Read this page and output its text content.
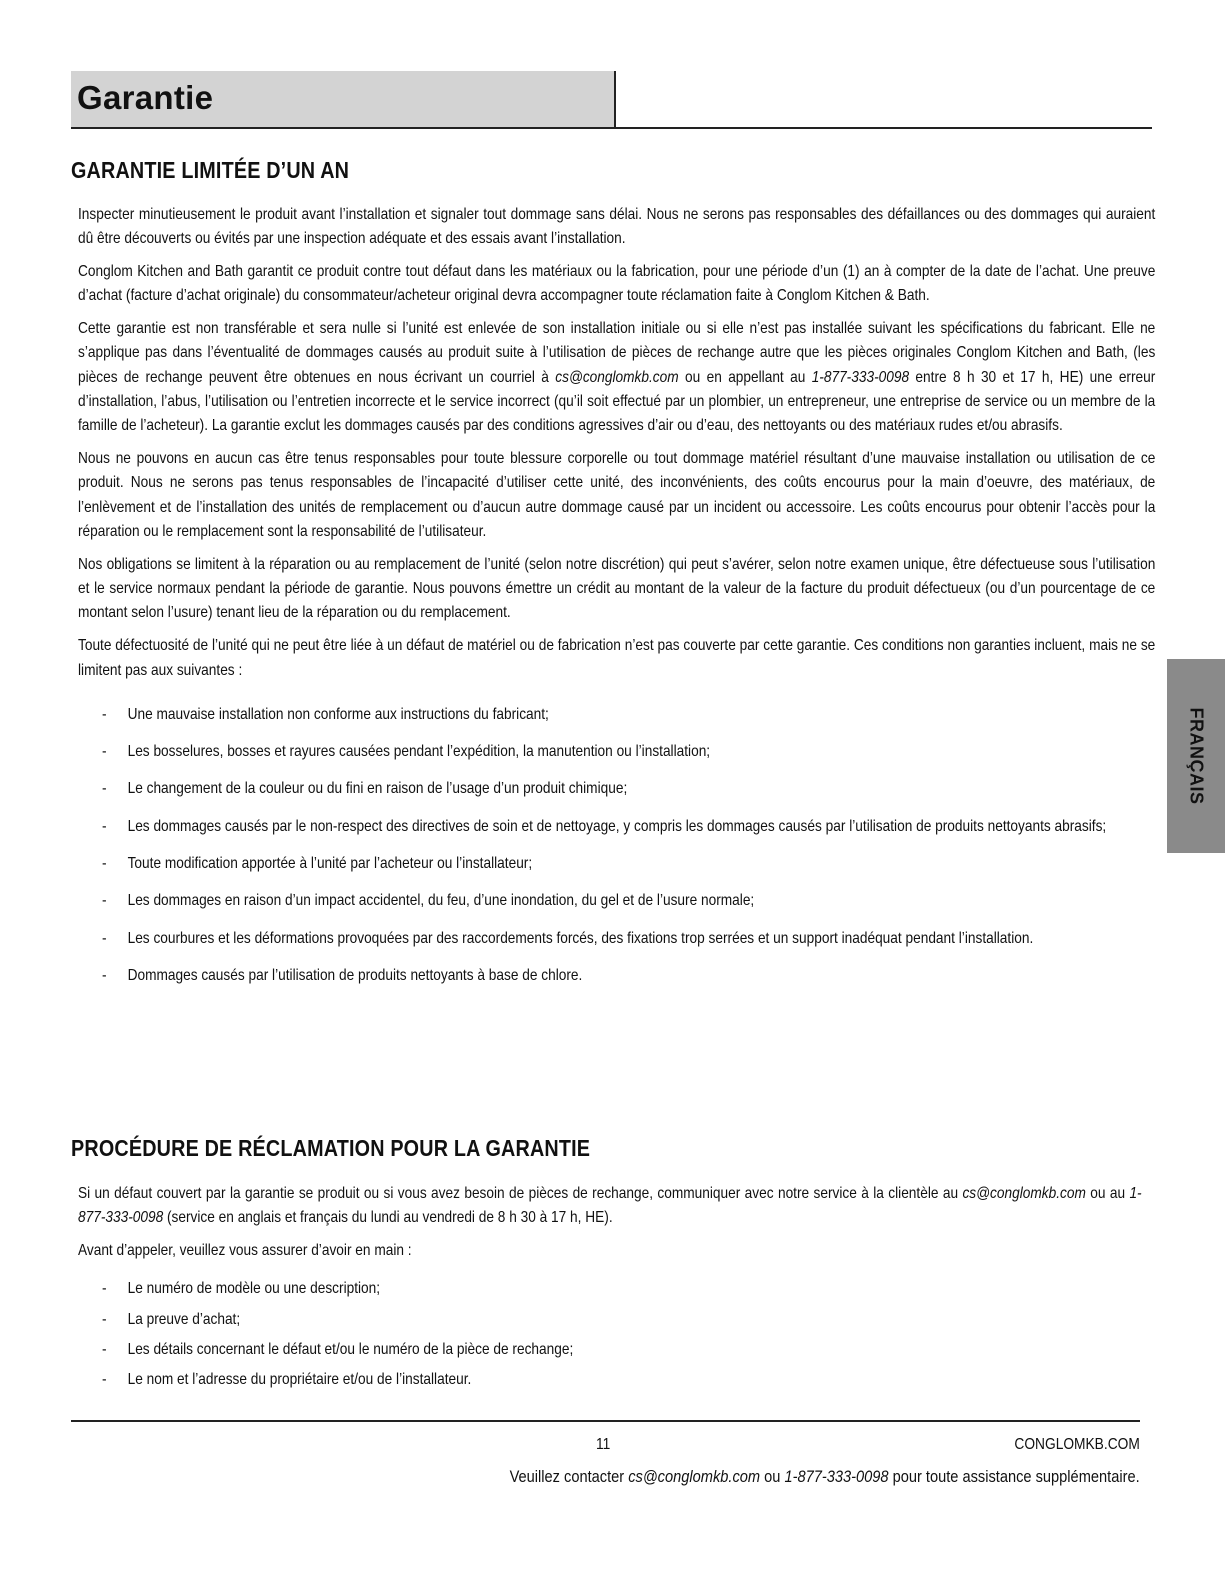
Garantie
GARANTIE LIMITÉE D’UN AN

Inspecter minutieusement le produit avant l’installation et signaler tout dommage sans délai. Nous ne serons pas responsables des défaillances ou des dommages qui auraient dû être découverts ou évités par une inspection adéquate et des essais avant l’installation.

Conglom Kitchen and Bath garantit ce produit contre tout défaut dans les matériaux ou la fabrication, pour une période d’un (1) an à compter de la date de l’achat. Une preuve d’achat (facture d’achat originale) du consommateur/acheteur original devra accompagner toute réclamation faite à Conglom Kitchen & Bath.

Cette garantie est non transférable et sera nulle si l’unité est enlevée de son installation initiale ou si elle n’est pas installée suivant les spécifications du fabricant. Elle ne s’applique pas dans l’éventualité de dommages causés au produit suite à l’utilisation de pièces de rechange autre que les pièces originales Conglom Kitchen and Bath, (les pièces de rechange peuvent être obtenues en nous écrivant un courriel à cs@conglomkb.com ou en appellant au 1-877-333-0098 entre 8 h 30 et 17 h, HE) une erreur d’installation, l’abus, l’utilisation ou l’entretien incorrecte et le service incorrect (qu’il soit effectué par un plombier, un entrepreneur, une entreprise de service ou un membre de la famille de l’acheteur). La garantie exclut les dommages causés par des conditions agressives d’air ou d’eau, des nettoyants ou des matériaux rudes et/ou abrasifs.

Nous ne pouvons en aucun cas être tenus responsables pour toute blessure corporelle ou tout dommage matériel résultant d’une mauvaise installation ou utilisation de ce produit. Nous ne serons pas tenus responsables de l’incapacité d’utiliser cette unité, des inconvénients, des coûts encourus pour la main d’oeuvre, des matériaux, de l’enlèvement et de l’installation des unités de remplacement ou d’aucun autre dommage causé par un incident ou accessoire. Les coûts encourus pour obtenir l’accès pour la réparation ou le remplacement sont la responsabilité de l’utilisateur.

Nos obligations se limitent à la réparation ou au remplacement de l’unité (selon notre discrétion) qui peut s’avérer, selon notre examen unique, être défectueuse sous l’utilisation et le service normaux pendant la période de garantie. Nous pouvons émettre un crédit au montant de la valeur de la facture du produit défectueux (ou d’un pourcentage de ce montant selon l’usure) tenant lieu de la réparation ou du remplacement.

Toute défectuosité de l’unité qui ne peut être liée à un défaut de matériel ou de fabrication n’est pas couverte par cette garantie. Ces conditions non garanties incluent, mais ne se limitent pas aux suivantes :

- Une mauvaise installation non conforme aux instructions du fabricant;
- Les bosselures, bosses et rayures causées pendant l’expédition, la manutention ou l’installation;
- Le changement de la couleur ou du fini en raison de l’usage d’un produit chimique;
- Les dommages causés par le non-respect des directives de soin et de nettoyage, y compris les dommages causés par l’utilisation de produits nettoyants abrasifs;
- Toute modification apportée à l’unité par l’acheteur ou l’installateur;
- Les dommages en raison d’un impact accidentel, du feu, d’une inondation, du gel et de l’usure normale;
- Les courbures et les déformations provoquées par des raccordements forcés, des fixations trop serrées et un support inadéquat pendant l’installation.
- Dommages causés par l’utilisation de produits nettoyants à base de chlore.
PROCÉDURE DE RÉCLAMATION POUR LA GARANTIE

Si un défaut couvert par la garantie se produit ou si vous avez besoin de pièces de rechange, communiquer avec notre service à la clientèle au cs@conglomkb.com ou au 1-877-333-0098 (service en anglais et français du lundi au vendredi de 8 h 30 à 17 h, HE).

Avant d’appeler, veuillez vous assurer d’avoir en main :

- Le numéro de modèle ou une description;
- La preuve d’achat;
- Les détails concernant le défaut et/ou le numéro de la pièce de rechange;
- Le nom et l’adresse du propriétaire et/ou de l’installateur.
FRANÇAIS
11	CONGLOMKB.COM
Veuillez contacter cs@conglomkb.com ou 1-877-333-0098 pour toute assistance supplémentaire.
